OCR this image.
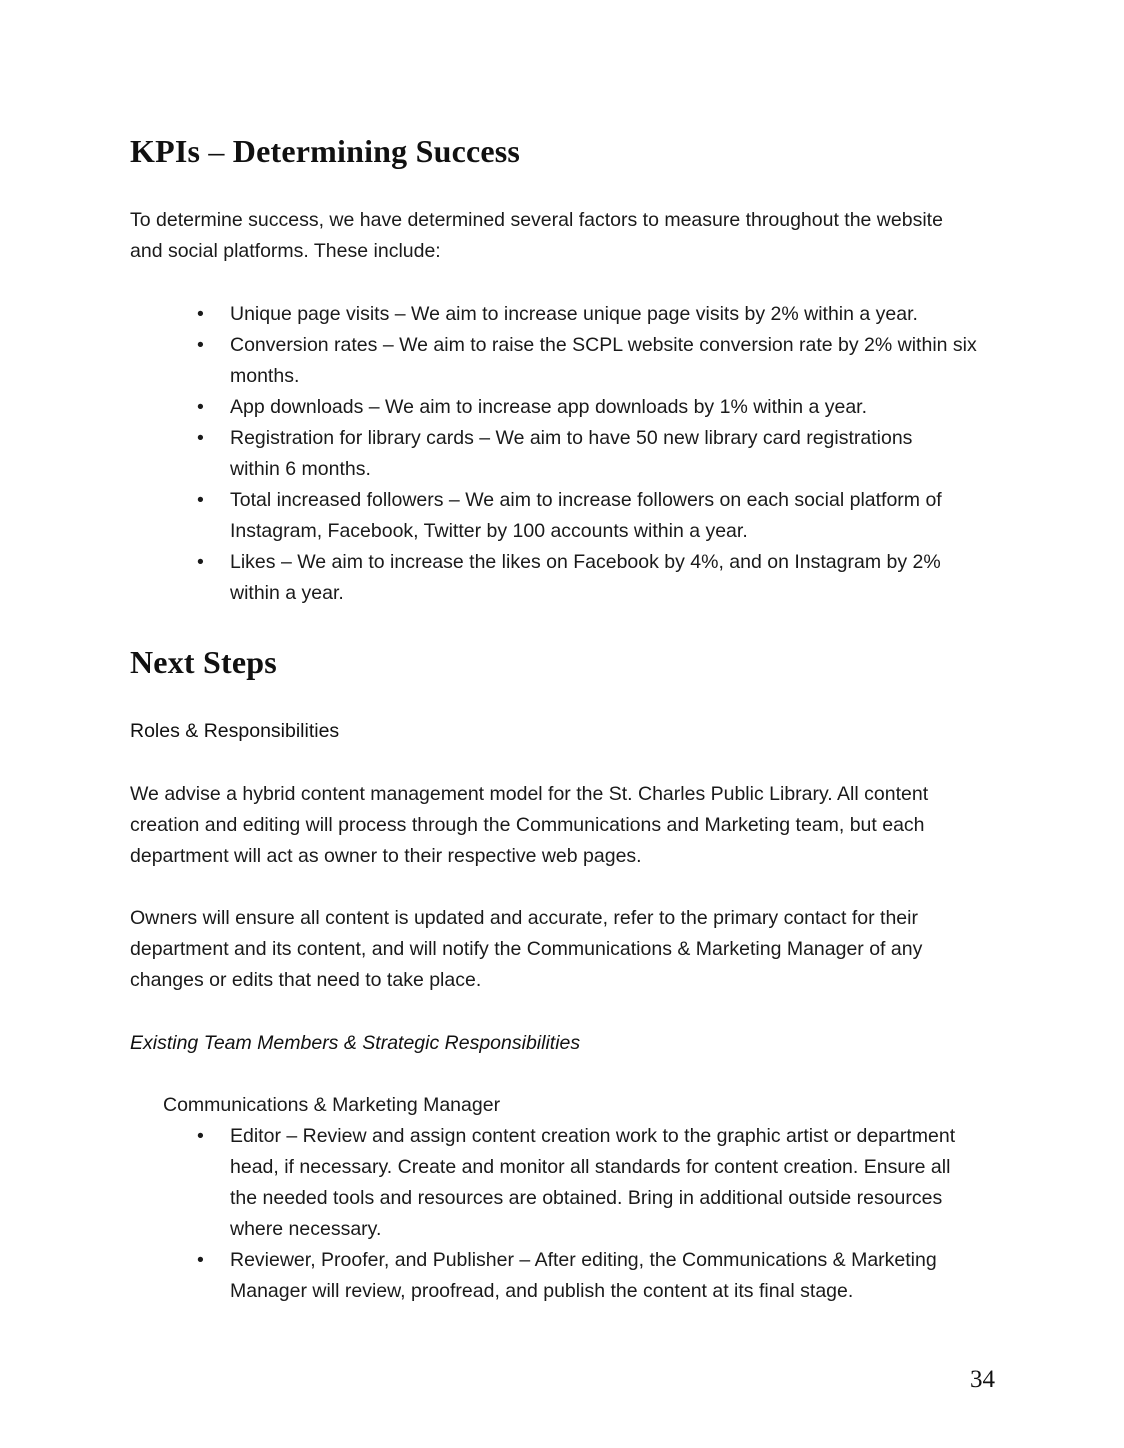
KPIs – Determining Success

To determine success, we have determined several factors to measure throughout the website
and social platforms. These include:

• Unique page visits – We aim to increase unique page visits by 2% within a year.
• Conversion rates – We aim to raise the SCPL website conversion rate by 2% within six
months.
• App downloads – We aim to increase app downloads by 1% within a year.
• Registration for library cards – We aim to have 50 new library card registrations
within 6 months.
• Total increased followers – We aim to increase followers on each social platform of
Instagram, Facebook, Twitter by 100 accounts within a year.
• Likes – We aim to increase the likes on Facebook by 4%, and on Instagram by 2%
within a year.
Next Steps

Roles & Responsibilities

We advise a hybrid content management model for the St. Charles Public Library. All content
creation and editing will process through the Communications and Marketing team, but each
department will act as owner to their respective web pages.

Owners will ensure all content is updated and accurate, refer to the primary contact for their
department and its content, and will notify the Communications & Marketing Manager of any
changes or edits that need to take place.

Existing Team Members & Strategic Responsibilities

Communications & Marketing Manager

• Editor – Review and assign content creation work to the graphic artist or department
head, if necessary. Create and monitor all standards for content creation. Ensure all
the needed tools and resources are obtained. Bring in additional outside resources
where necessary.
• Reviewer, Proofer, and Publisher – After editing, the Communications & Marketing
Manager will review, proofread, and publish the content at its final stage.
34
